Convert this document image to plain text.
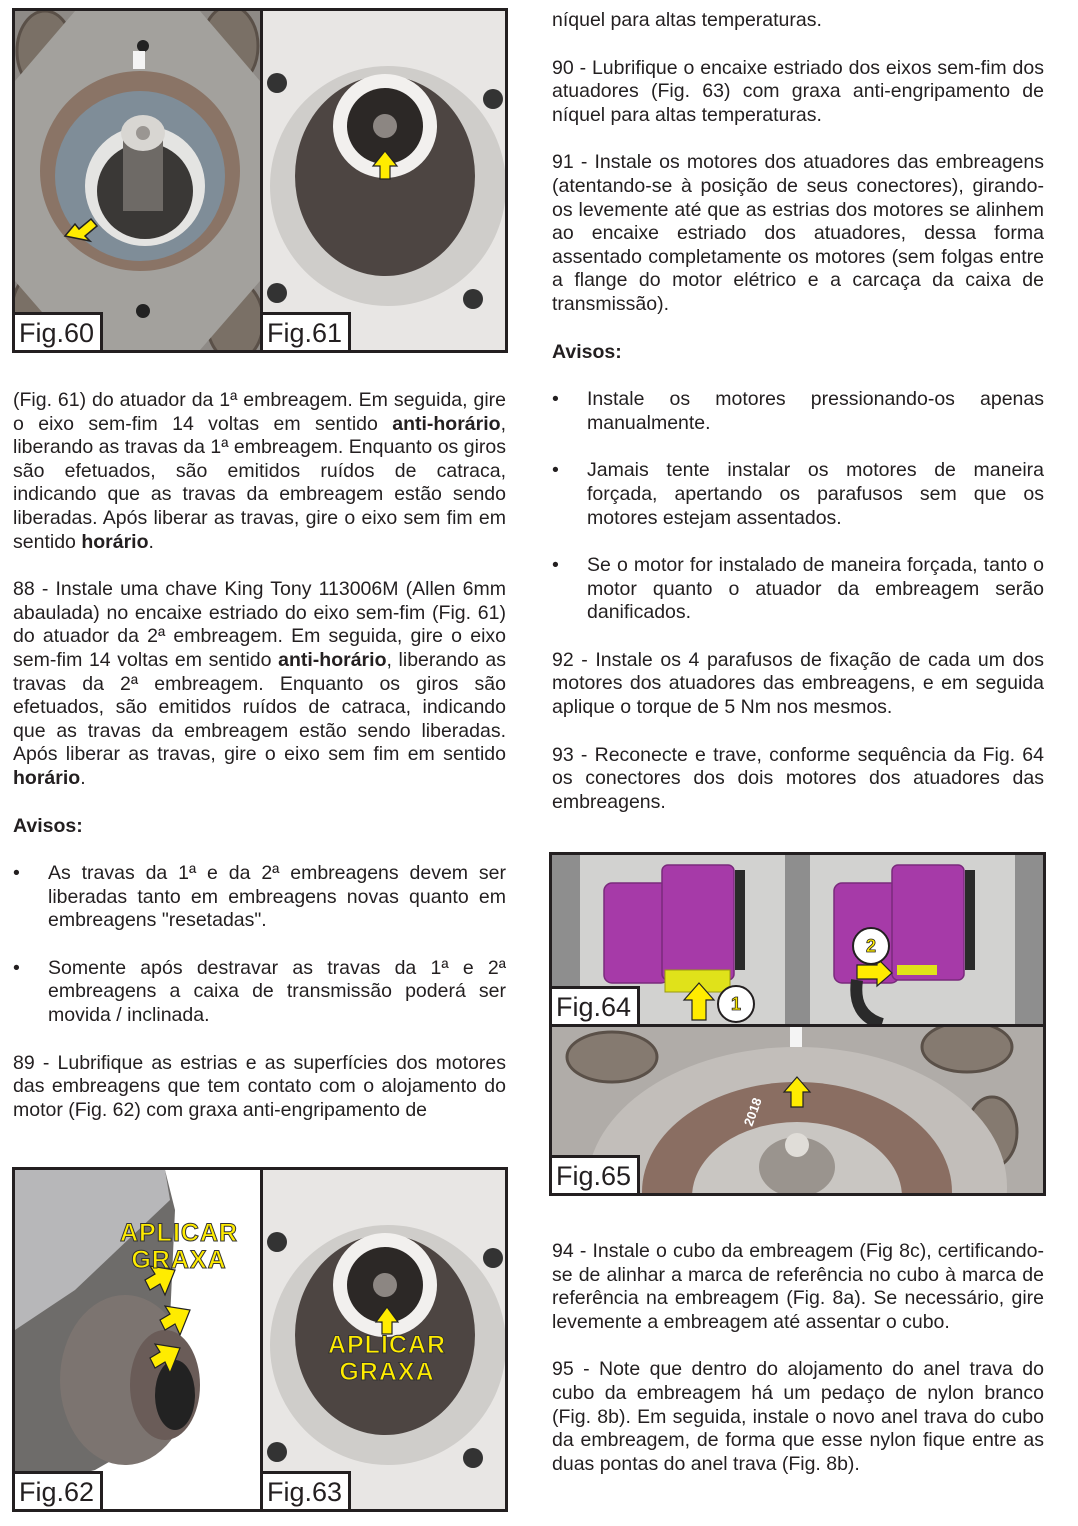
Fig.60	Fig.61

(Fig. 61) do atuador da 1ª embreagem. Em seguida, gire o eixo sem-fim 14 voltas em sentido anti-horário, liberando as travas da 1ª embreagem. Enquanto os giros são efetuados, são emitidos ruídos de catraca, indicando que as travas da embreagem estão sendo liberadas. Após liberar as travas, gire o eixo sem fim em sentido horário.

88 - Instale uma chave King Tony 113006M (Allen 6mm abaulada) no encaixe estriado do eixo sem-fim (Fig. 61) do atuador da 2ª embreagem. Em seguida, gire o eixo sem-fim 14 voltas em sentido anti-horário, liberando as travas da 2ª embreagem. Enquanto os giros são efetuados, são emitidos ruídos de catraca, indicando que as travas da embreagem estão sendo liberadas. Após liberar as travas, gire o eixo sem fim em sentido horário.

Avisos:

• As travas da 1ª e da 2ª embreagens devem ser liberadas tanto em embreagens novas quanto em embreagens "resetadas".

• Somente após destravar as travas da 1ª e 2ª embreagens a caixa de transmissão poderá ser movida / inclinada.

89 - Lubrifique as estrias e as superfícies dos motores das embreagens que tem contato com o alojamento do motor (Fig. 62) com graxa anti-engripamento de

APLICAR
GRAXA
Fig.62
APLICAR
GRAXA
Fig.63

níquel para altas temperaturas.

90 - Lubrifique o encaixe estriado dos eixos sem-fim dos atuadores (Fig. 63) com graxa anti-engripamento de níquel para altas temperaturas.

91 - Instale os motores dos atuadores das embreagens (atentando-se à posição de seus conectores), girando-os levemente até que as estrias dos motores se alinhem ao encaixe estriado dos atuadores, dessa forma assentado completamente os motores (sem folgas entre a flange do motor elétrico e a carcaça da caixa de transmissão).

Avisos:

• Instale os motores pressionando-os apenas manualmente.

• Jamais tente instalar os motores de maneira forçada, apertando os parafusos sem que os motores estejam assentados.

• Se o motor for instalado de maneira forçada, tanto o motor quanto o atuador da embreagem serão danificados.

92 - Instale os 4 parafusos de fixação de cada um dos motores dos atuadores das embreagens, e em seguida aplique o torque de 5 Nm nos mesmos.

93 - Reconecte e trave, conforme sequência da Fig. 64 os conectores dos dois motores dos atuadores das embreagens.

1
2
Fig.64
2018
Fig.65

94 - Instale o cubo da embreagem (Fig 8c), certificando-se de alinhar a marca de referência no cubo à marca de referência na embreagem (Fig. 8a). Se necessário, gire levemente a embreagem até assentar o cubo.

95 - Note que dentro do alojamento do anel trava do cubo da embreagem há um pedaço de nylon branco (Fig. 8b). Em seguida, instale o novo anel trava do cubo da embreagem, de forma que esse nylon fique entre as duas pontas do anel trava (Fig. 8b).
